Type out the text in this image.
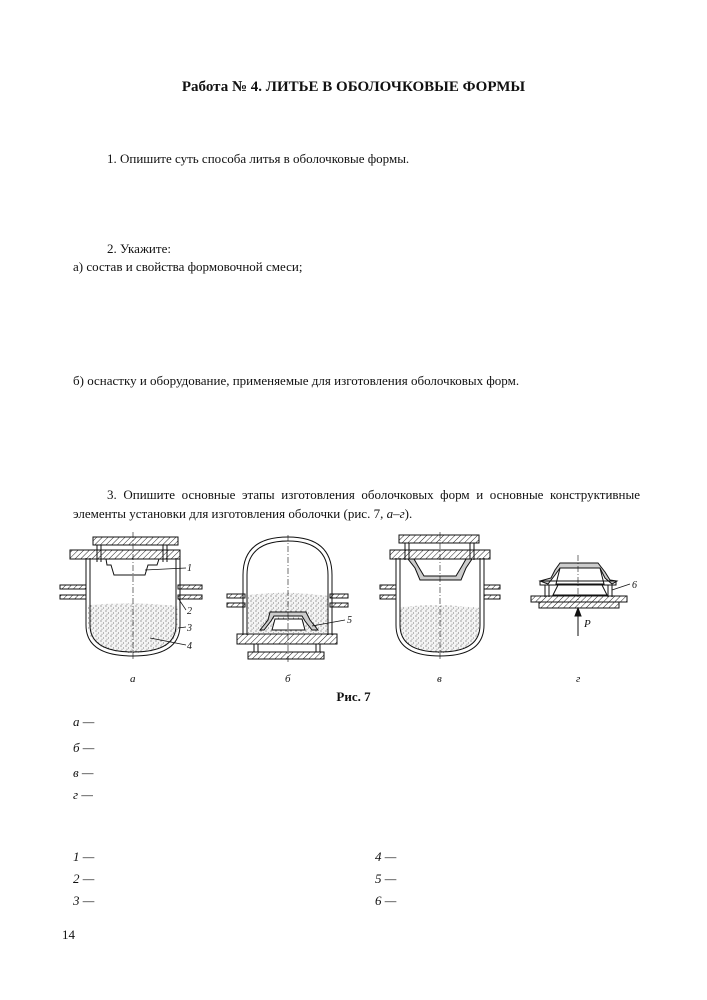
Работа № 4. ЛИТЬЕ В ОБОЛОЧКОВЫЕ ФОРМЫ
1. Опишите суть способа литья в оболочковые формы.
2. Укажите:
а) состав и свойства формовочной смеси;
б) оснастку и оборудование, применяемые для изготовления оболочковых форм.
3. Опишите основные этапы изготовления оболочковых форм и основные конструктивные элементы установки для изготовления оболочки (рис. 7, а–г).
1
2
3
4
5
6
P
а	б	в	г
Рис. 7
а —
б —
в —
г —
1 —
2 —
3 —
4 —
5 —
6 —
14
